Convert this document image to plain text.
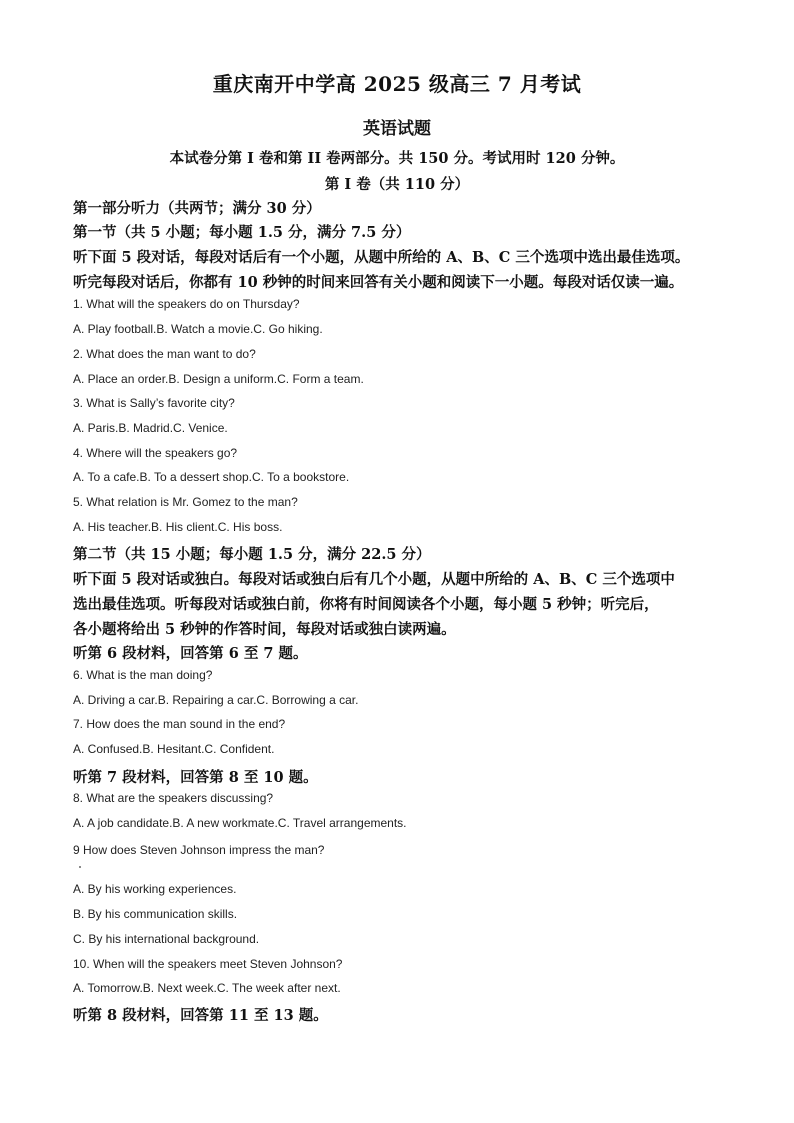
重庆南开中学高 2025 级高三 7 月考试
英语试题
本试卷分第 I 卷和第 II 卷两部分。共 150 分。考试用时 120 分钟。
第 I 卷（共 110 分）
第一部分听力（共两节；满分 30 分）
第一节（共 5 小题；每小题 1.5 分，满分 7.5 分）
听下面 5 段对话，每段对话后有一个小题，从题中所给的 A、B、C 三个选项中选出最佳选项。
听完每段对话后，你都有 10 秒钟的时间来回答有关小题和阅读下一小题。每段对话仅读一遍。
1. What will the speakers do on Thursday?
A. Play football.B. Watch a movie.C. Go hiking.
2. What does the man want to do?
A. Place an order.B. Design a uniform.C. Form a team.
3. What is Sally’s favorite city?
A. Paris.B. Madrid.C. Venice.
4. Where will the speakers go?
A. To a cafe.B. To a dessert shop.C. To a bookstore.
5. What relation is Mr. Gomez to the man?
A. His teacher.B. His client.C. His boss.
第二节（共 15 小题；每小题 1.5 分，满分 22.5 分）
听下面 5 段对话或独白。每段对话或独白后有几个小题，从题中所给的 A、B、C 三个选项中
选出最佳选项。听每段对话或独白前，你将有时间阅读各个小题，每小题 5 秒钟；听完后，
各小题将给出 5 秒钟的作答时间，每段对话或独白读两遍。
听第 6 段材料，回答第 6 至 7 题。
6. What is the man doing?
A. Driving a car.B. Repairing a car.C. Borrowing a car.
7. How does the man sound in the end?
A. Confused.B. Hesitant.C. Confident.
听第 7 段材料，回答第 8 至 10 题。
8. What are the speakers discussing?
A. A job candidate.B. A new workmate.C. Travel arrangements.
9 How does Steven Johnson impress the man?
A. By his working experiences.
B. By his communication skills.
C. By his international background.
10. When will the speakers meet Steven Johnson?
A. Tomorrow.B. Next week.C. The week after next.
听第 8 段材料，回答第 11 至 13 题。
